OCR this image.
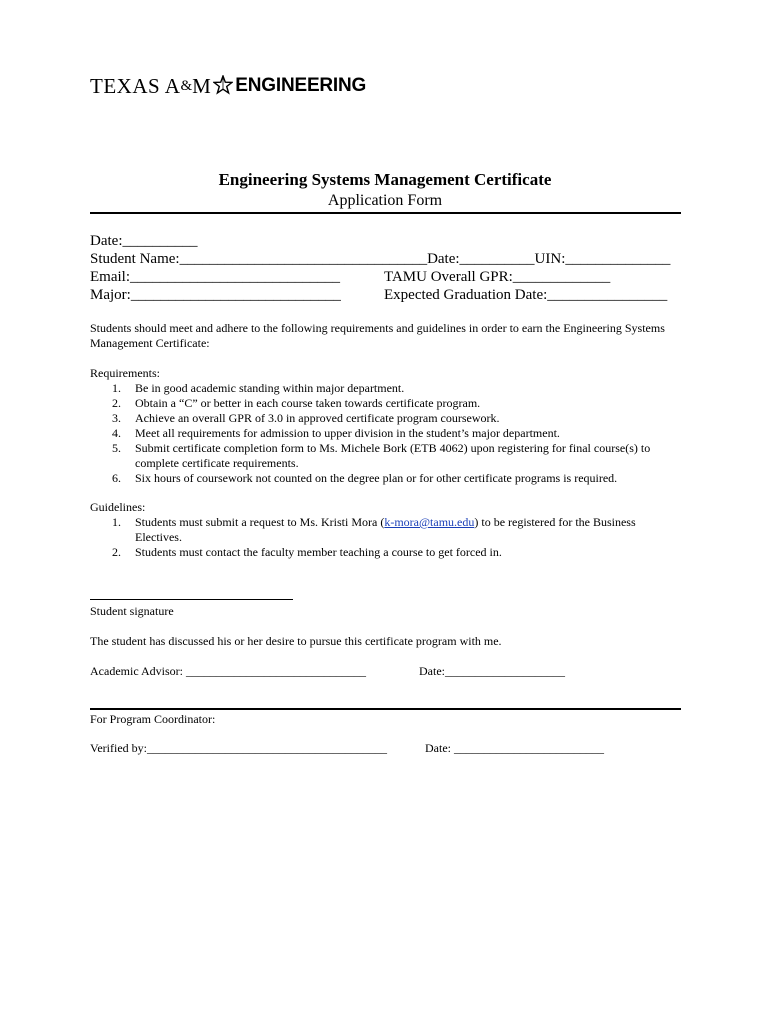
TEXAS A & M ENGINEERING
Engineering Systems Management Certificate
Application Form
Date:__________
Student Name:_________________________________Date:__________UIN:______________
Email:____________________________	TAMU Overall GPR:_____________
Major:____________________________	Expected Graduation Date:________________
Students should meet and adhere to the following requirements and guidelines in order to earn the Engineering Systems Management Certificate:
Requirements:
1. Be in good academic standing within major department.
2. Obtain a “C” or better in each course taken towards certificate program.
3. Achieve an overall GPR of 3.0 in approved certificate program coursework.
4. Meet all requirements for admission to upper division in the student’s major department.
5. Submit certificate completion form to Ms. Michele Bork (ETB 4062) upon registering for final course(s) to complete certificate requirements.
6. Six hours of coursework not counted on the degree plan or for other certificate programs is required.
Guidelines:
1. Students must submit a request to Ms. Kristi Mora (k-mora@tamu.edu) to be registered for the Business Electives.
2. Students must contact the faculty member teaching a course to get forced in.
Student signature
The student has discussed his or her desire to pursue this certificate program with me.
Academic Advisor: ______________________________	Date:____________________
For Program Coordinator:
Verified by:________________________________________	Date: _________________________
